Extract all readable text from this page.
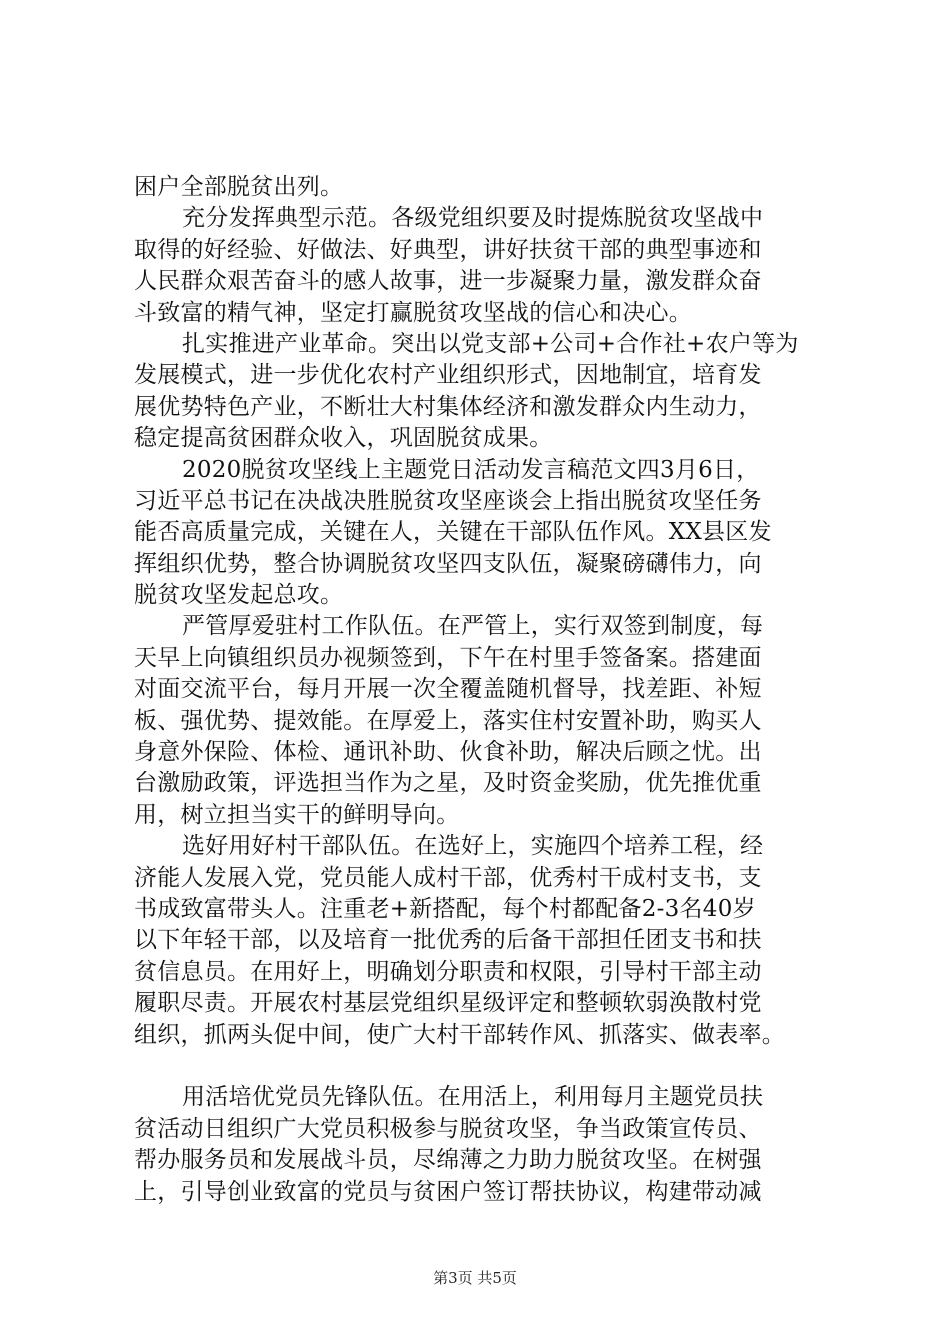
困户全部脱贫出列。
充分发挥典型示范。各级党组织要及时提炼脱贫攻坚战中
取得的好经验、好做法、好典型，讲好扶贫干部的典型事迹和
人民群众艰苦奋斗的感人故事，进一步凝聚力量，激发群众奋
斗致富的精气神，坚定打赢脱贫攻坚战的信心和决心。
扎实推进产业革命。突出以党支部+公司+合作社+农户等为
发展模式，进一步优化农村产业组织形式，因地制宜，培育发
展优势特色产业，不断壮大村集体经济和激发群众内生动力，
稳定提高贫困群众收入，巩固脱贫成果。
2020脱贫攻坚线上主题党日活动发言稿范文四3月6日，
习近平总书记在决战决胜脱贫攻坚座谈会上指出脱贫攻坚任务
能否高质量完成，关键在人，关键在干部队伍作风。XX县区发
挥组织优势，整合协调脱贫攻坚四支队伍，凝聚磅礴伟力，向
脱贫攻坚发起总攻。
严管厚爱驻村工作队伍。在严管上，实行双签到制度，每
天早上向镇组织员办视频签到，下午在村里手签备案。搭建面
对面交流平台，每月开展一次全覆盖随机督导，找差距、补短
板、强优势、提效能。在厚爱上，落实住村安置补助，购买人
身意外保险、体检、通讯补助、伙食补助，解决后顾之忧。出
台激励政策，评选担当作为之星，及时资金奖励，优先推优重
用，树立担当实干的鲜明导向。
选好用好村干部队伍。在选好上，实施四个培养工程，经
济能人发展入党，党员能人成村干部，优秀村干成村支书，支
书成致富带头人。注重老+新搭配，每个村都配备2-3名40岁
以下年轻干部，以及培育一批优秀的后备干部担任团支书和扶
贫信息员。在用好上，明确划分职责和权限，引导村干部主动
履职尽责。开展农村基层党组织星级评定和整顿软弱涣散村党
组织，抓两头促中间，使广大村干部转作风、抓落实、做表率。
用活培优党员先锋队伍。在用活上，利用每月主题党员扶
贫活动日组织广大党员积极参与脱贫攻坚，争当政策宣传员、
帮办服务员和发展战斗员，尽绵薄之力助力脱贫攻坚。在树强
上，引导创业致富的党员与贫困户签订帮扶协议，构建带动减
第3页 共5页
